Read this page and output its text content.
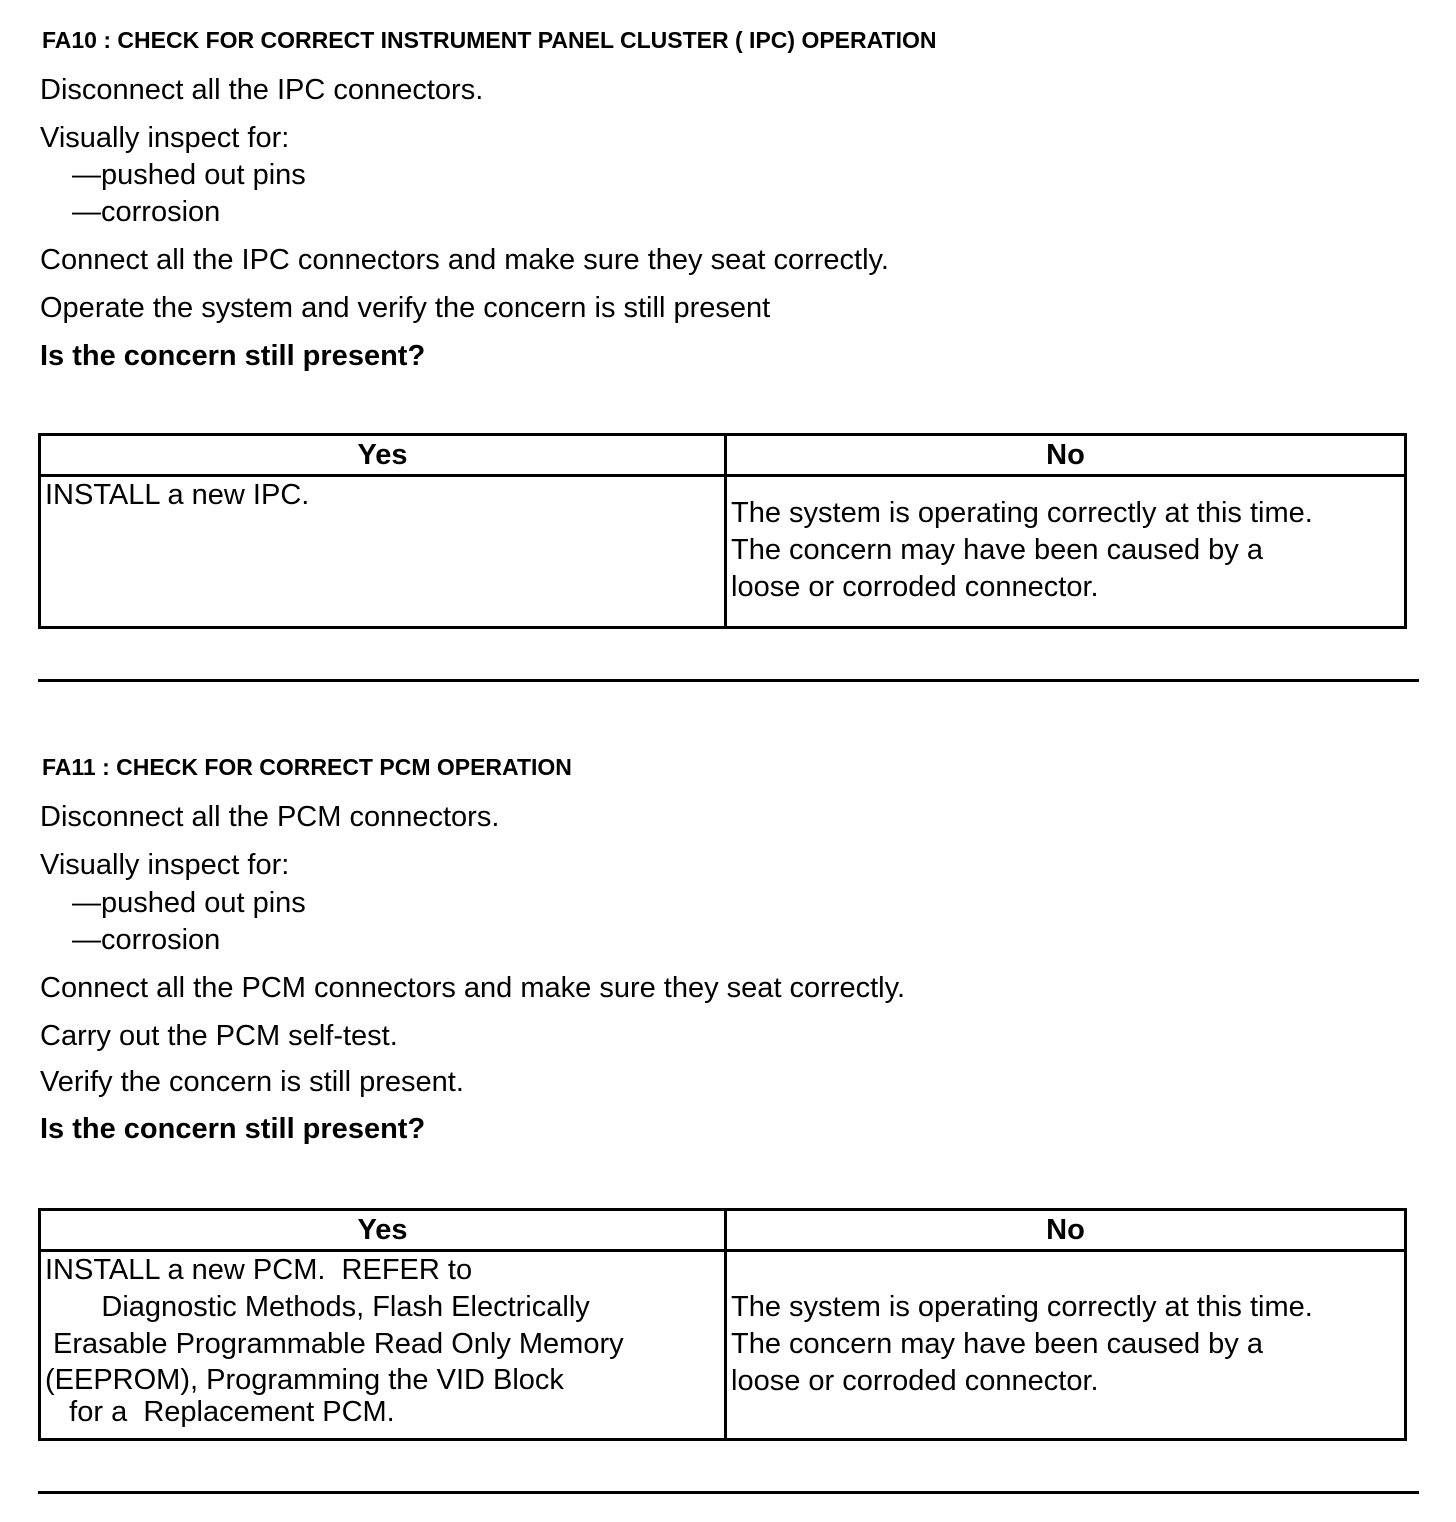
FA10 : CHECK FOR CORRECT INSTRUMENT PANEL CLUSTER ( IPC) OPERATION
Disconnect all the IPC connectors.
Visually inspect for:
—pushed out pins
—corrosion
Connect all the IPC connectors and make sure they seat correctly.
Operate the system and verify the concern is still present
Is the concern still present?
Yes	No

INSTALL a new IPC.	The system is operating correctly at this time.
The concern may have been caused by a
loose or corroded connector.
FA11 : CHECK FOR CORRECT PCM OPERATION
Disconnect all the PCM connectors.
Visually inspect for:
—pushed out pins
—corrosion
Connect all the PCM connectors and make sure they seat correctly.
Carry out the PCM self-test.
Verify the concern is still present.
Is the concern still present?
Yes	No

INSTALL a new PCM.  REFER to
Diagnostic Methods, Flash Electrically
Erasable Programmable Read Only Memory
(EEPROM), Programming the VID Block
for a  Replacement PCM.	The system is operating correctly at this time.
The concern may have been caused by a
loose or corroded connector.
